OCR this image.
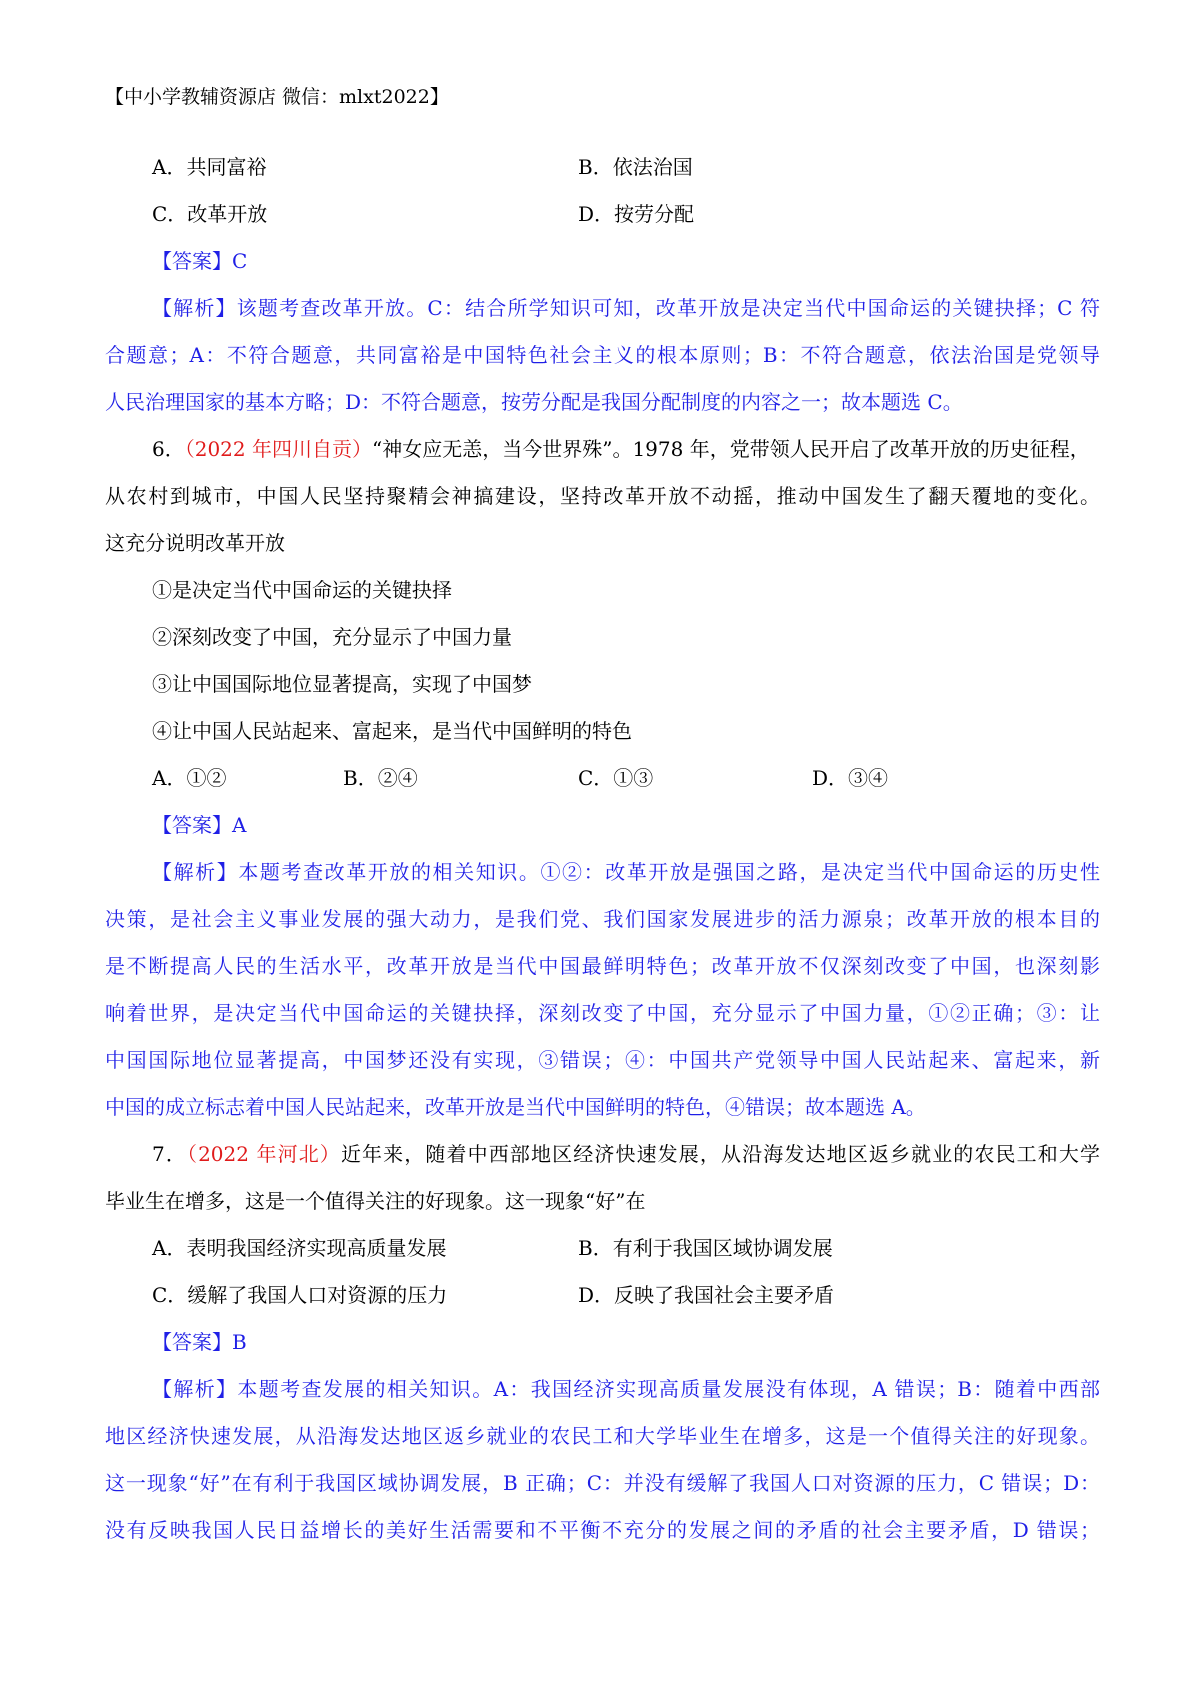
【中小学教辅资源店 微信：mlxt2022】
A．共同富裕	B．依法治国
C．改革开放	D．按劳分配
【答案】C
【解析】该题考查改革开放。C：结合所学知识可知，改革开放是决定当代中国命运的关键抉择；C 符
合题意；A：不符合题意，共同富裕是中国特色社会主义的根本原则；B：不符合题意，依法治国是党领导
人民治理国家的基本方略；D：不符合题意，按劳分配是我国分配制度的内容之一；故本题选 C。
6．（2022 年四川自贡）“神女应无恙，当今世界殊”。1978 年，党带领人民开启了改革开放的历史征程，
从农村到城市，中国人民坚持聚精会神搞建设，坚持改革开放不动摇，推动中国发生了翻天覆地的变化。
这充分说明改革开放
①是决定当代中国命运的关键抉择
②深刻改变了中国，充分显示了中国力量
③让中国国际地位显著提高，实现了中国梦
④让中国人民站起来、富起来，是当代中国鲜明的特色
A．①②	B．②④	C．①③	D．③④
【答案】A
【解析】本题考查改革开放的相关知识。①②：改革开放是强国之路，是决定当代中国命运的历史性
决策，是社会主义事业发展的强大动力，是我们党、我们国家发展进步的活力源泉；改革开放的根本目的
是不断提高人民的生活水平，改革开放是当代中国最鲜明特色；改革开放不仅深刻改变了中国，也深刻影
响着世界，是决定当代中国命运的关键抉择，深刻改变了中国，充分显示了中国力量，①②正确；③：让
中国国际地位显著提高，中国梦还没有实现，③错误；④：中国共产党领导中国人民站起来、富起来，新
中国的成立标志着中国人民站起来，改革开放是当代中国鲜明的特色，④错误；故本题选 A。
7．（2022 年河北）近年来，随着中西部地区经济快速发展，从沿海发达地区返乡就业的农民工和大学
毕业生在增多，这是一个值得关注的好现象。这一现象“好”在
A．表明我国经济实现高质量发展	B．有利于我国区域协调发展
C．缓解了我国人口对资源的压力	D．反映了我国社会主要矛盾
【答案】B
【解析】本题考查发展的相关知识。A：我国经济实现高质量发展没有体现，A 错误；B：随着中西部
地区经济快速发展，从沿海发达地区返乡就业的农民工和大学毕业生在增多，这是一个值得关注的好现象。
这一现象“好”在有利于我国区域协调发展，B 正确；C：并没有缓解了我国人口对资源的压力，C 错误；D：
没有反映我国人民日益增长的美好生活需要和不平衡不充分的发展之间的矛盾的社会主要矛盾，D 错误；
